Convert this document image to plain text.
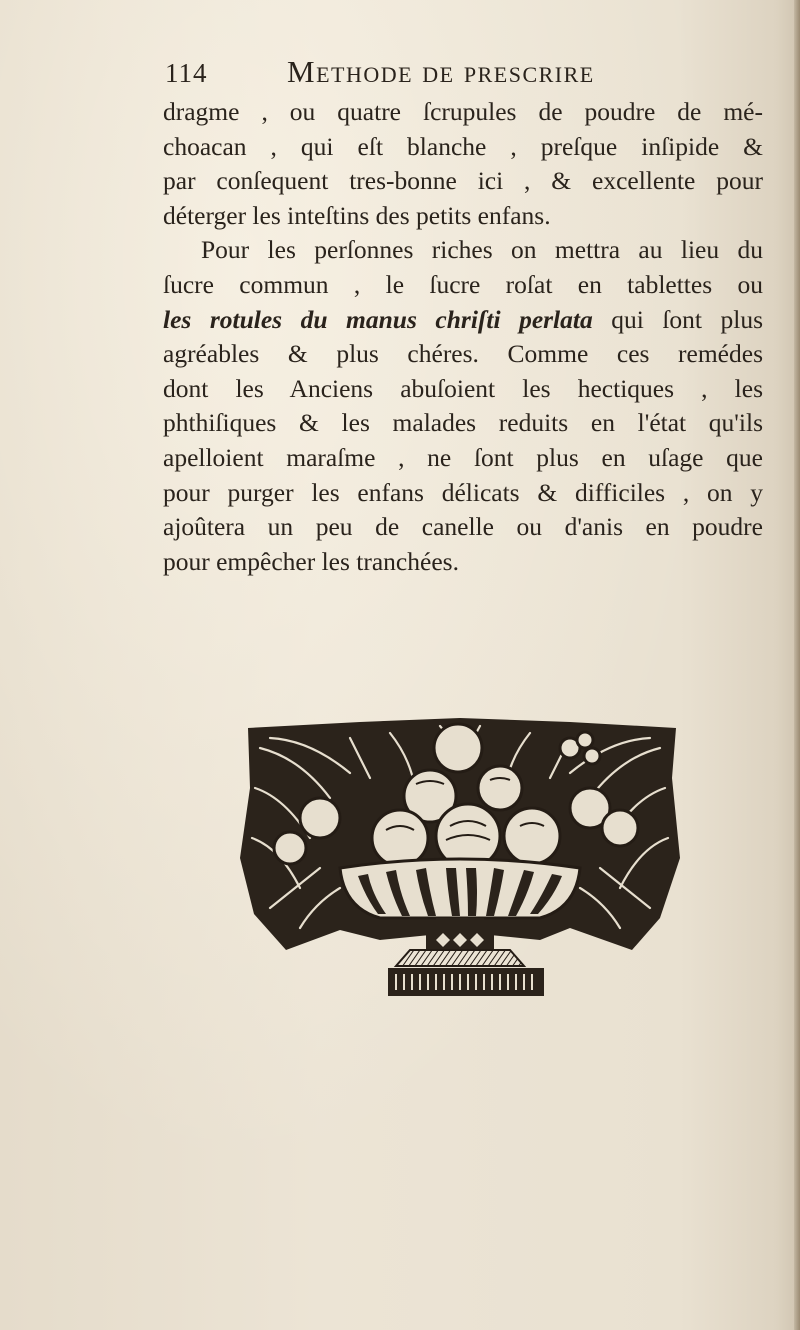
114	Methode de prescrire
dragme , ou quatre ſcrupules de poudre de mé-
choacan , qui eſt blanche , preſque inſipide &
par conſequent tres-bonne ici , & excellente pour
déterger les inteſtins des petits enfans.
Pour les perſonnes riches on mettra au lieu du
ſucre commun , le ſucre roſat en tablettes ou
les rotules du manus chriſti perlata qui ſont plus
agréables & plus chéres. Comme ces remédes
dont les Anciens abuſoient les hectiques , les
phthiſiques & les malades reduits en l'état qu'ils
apelloient maraſme , ne ſont plus en uſage que
pour purger les enfans délicats & difficiles , on y
ajoûtera un peu de canelle ou d'anis en poudre
pour empêcher les tranchées.
